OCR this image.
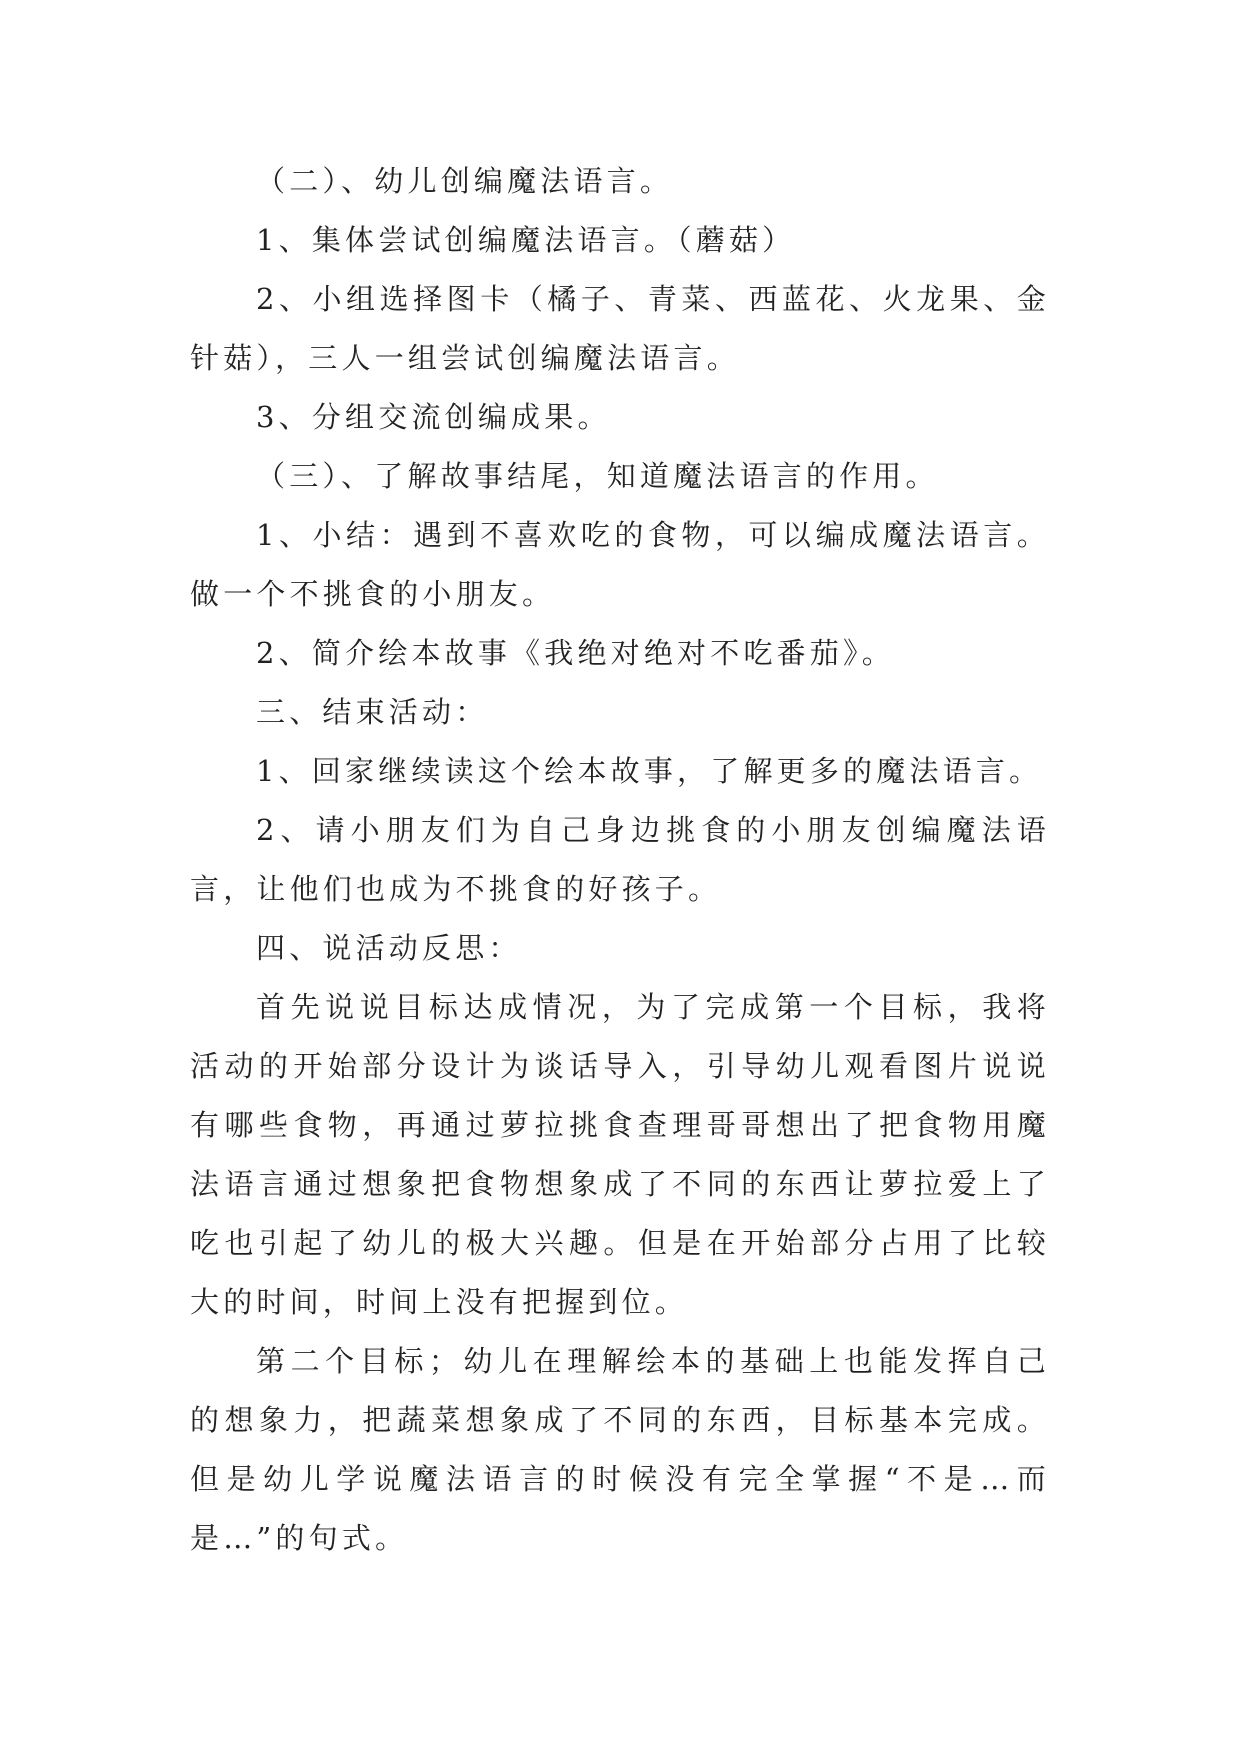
（二）、幼儿创编魔法语言。

1、集体尝试创编魔法语言。（蘑菇）

2、小组选择图卡（橘子、青菜、西蓝花、火龙果、金针菇），三人一组尝试创编魔法语言。

3、分组交流创编成果。

（三）、了解故事结尾，知道魔法语言的作用。

1、小结：遇到不喜欢吃的食物，可以编成魔法语言。做一个不挑食的小朋友。

2、简介绘本故事《我绝对绝对不吃番茄》。

三、结束活动：

1、回家继续读这个绘本故事，了解更多的魔法语言。

2、请小朋友们为自己身边挑食的小朋友创编魔法语言，让他们也成为不挑食的好孩子。

四、说活动反思：

首先说说目标达成情况，为了完成第一个目标，我将活动的开始部分设计为谈话导入，引导幼儿观看图片说说有哪些食物，再通过萝拉挑食查理哥哥想出了把食物用魔法语言通过想象把食物想象成了不同的东西让萝拉爱上了吃也引起了幼儿的极大兴趣。但是在开始部分占用了比较大的时间，时间上没有把握到位。

第二个目标；幼儿在理解绘本的基础上也能发挥自己的想象力，把蔬菜想象成了不同的东西，目标基本完成。但是幼儿学说魔法语言的时候没有完全掌握“不是…而是…”的句式。
